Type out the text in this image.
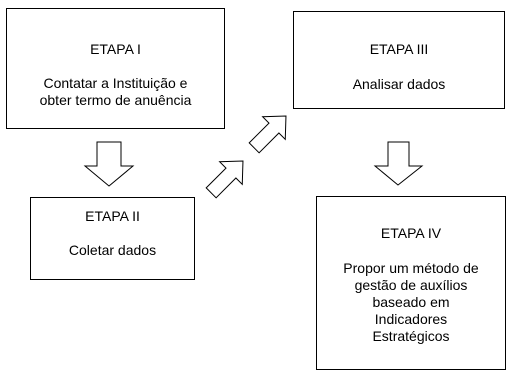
ETAPA I
Contatar a Instituição e
obter termo de anuência
ETAPA II
Coletar dados
ETAPA III
Analisar dados
ETAPA IV
Propor um método de
gestão de auxílios
baseado em
Indicadores
Estratégicos
